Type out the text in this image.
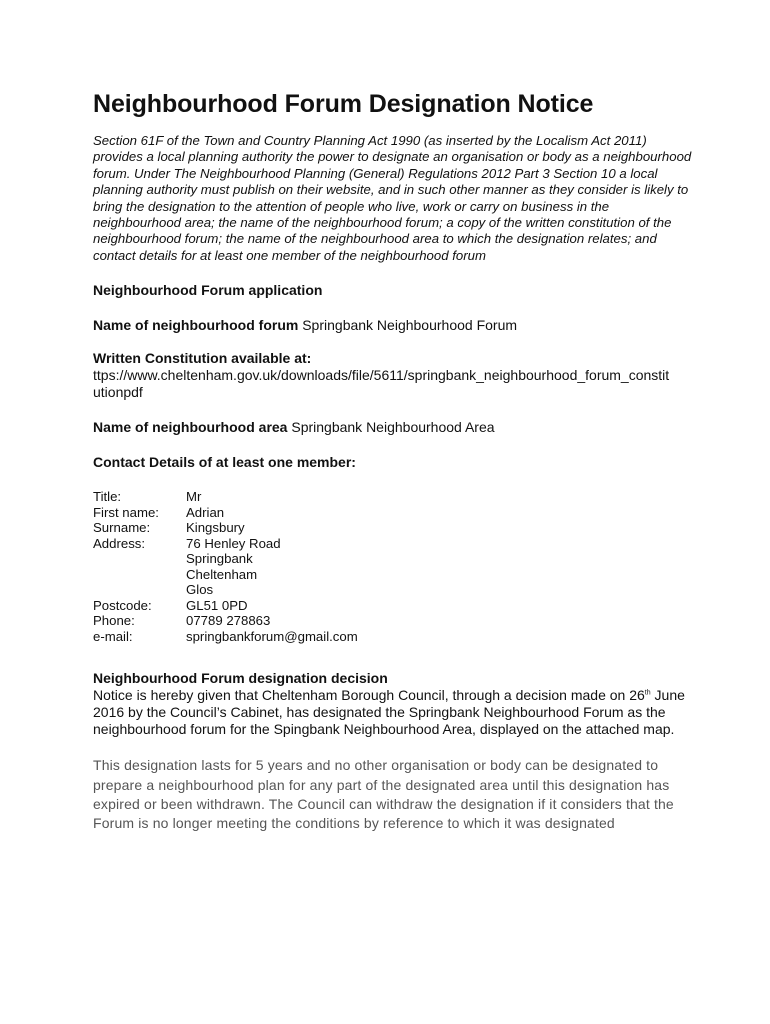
Neighbourhood Forum Designation Notice

Section 61F of the Town and Country Planning Act 1990 (as inserted by the Localism Act 2011) provides a local planning authority the power to designate an organisation or body as a neighbourhood forum. Under The Neighbourhood Planning (General) Regulations 2012 Part 3 Section 10 a local planning authority must publish on their website, and in such other manner as they consider is likely to bring the designation to the attention of people who live, work or carry on business in the neighbourhood area; the name of the neighbourhood forum; a copy of the written constitution of the neighbourhood forum; the name of the neighbourhood area to which the designation relates; and contact details for at least one member of the neighbourhood forum

Neighbourhood Forum application
Name of neighbourhood forum Springbank Neighbourhood Forum
Written Constitution available at:
ttps://www.cheltenham.gov.uk/downloads/file/5611/springbank_neighbourhood_forum_constitutionpdf
Name of neighbourhood area Springbank Neighbourhood Area
Contact Details of at least one member:
Title:	Mr
First name:	Adrian
Surname:	Kingsbury
Address:	76 Henley Road
Springbank
Cheltenham
Glos
Postcode:	GL51 0PD
Phone:	07789 278863
e-mail:	springbankforum@gmail.com
Neighbourhood Forum designation decision
Notice is hereby given that Cheltenham Borough Council, through a decision made on 26th June 2016 by the Council’s Cabinet, has designated the Springbank Neighbourhood Forum as the neighbourhood forum for the Spingbank Neighbourhood Area, displayed on the attached map.

This designation lasts for 5 years and no other organisation or body can be designated to prepare a neighbourhood plan for any part of the designated area until this designation has expired or been withdrawn. The Council can withdraw the designation if it considers that the Forum is no longer meeting the conditions by reference to which it was designated
